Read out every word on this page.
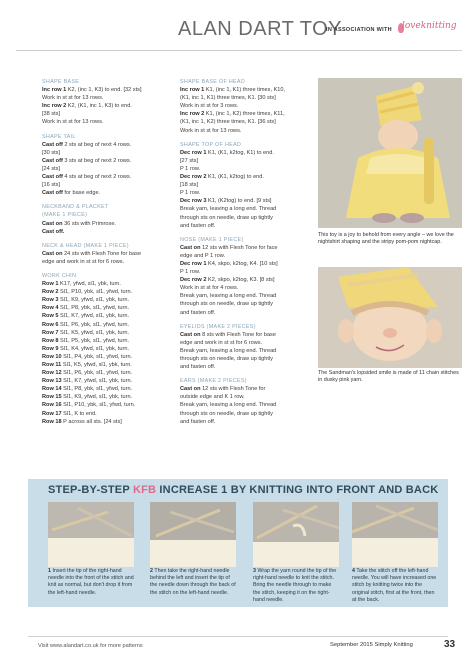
ALAN DART TOY
IN ASSOCIATION WITH loveknitting
SHAPE BASE
Inc row 1 K2, (inc 1, K3) to end. [32 sts]
Work in st st for 13 rows.
Inc row 2 K2, (K1, inc 1, K3) to end.
[38 sts]
Work in st st for 13 rows.
SHAPE TAIL
Cast off 2 sts at beg of next 4 rows.
[30 sts]
Cast off 3 sts at beg of next 2 rows.
[24 sts]
Cast off 4 sts at beg of next 2 rows.
[16 sts]
Cast off for base edge.
NECKBAND & PLACKET
(MAKE 1 PIECE)
Cast on 36 sts with Primrose.
Cast off.
NECK & HEAD (MAKE 1 PIECE)
Cast on 24 sts with Flesh Tone for base
edge and work in st st for 6 rows.
WORK CHIN
Row 1 K17, yfwd, sl1, ybk, turn.
Row 2 Sl1, P10, ybk, sl1, yfwd, turn.
Row 3 Sl1, K9, yfwd, sl1, ybk, turn.
Row 4 Sl1, P8, ybk, sl1, yfwd, turn.
Row 5 Sl1, K7, yfwd, sl1, ybk, turn.
Row 6 Sl1, P6, ybk, sl1, yfwd, turn.
Row 7 Sl1, K5, yfwd, sl1, ybk, turn.
Row 8 Sl1, P5, ybk, sl1, yfwd, turn.
Row 9 Sl1, K4, yfwd, sl1, ybk, turn.
Row 10 Sl1, P4, ybk, sl1, yfwd, turn.
Row 11 Sl1, K5, yfwd, sl1, ybk, turn.
Row 12 Sl1, P6, ybk, sl1, yfwd, turn.
Row 13 Sl1, K7, yfwd, sl1, ybk, turn.
Row 14 Sl1, P8, ybk, sl1, yfwd, turn.
Row 15 Sl1, K9, yfwd, sl1, ybk, turn.
Row 16 Sl1, P10, ybk, sl1, yfwd, turn.
Row 17 Sl1, K to end.
Row 18 P across all sts. [24 sts]
SHAPE BASE OF HEAD
Inc row 1 K1, (inc 1, K1) three times, K10,
(K1, inc 1, K1) three times, K1. [30 sts]
Work in st st for 3 rows.
Inc row 2 K1, (inc 1, K2) three times, K11,
(K1, inc 1, K2) three times, K1. [36 sts]
Work in st st for 13 rows.
SHAPE TOP OF HEAD
Dec row 1 K1, (K1, k2tog, K1) to end.
[27 sts]
P 1 row.
Dec row 2 K1, (K1, k2tog) to end.
[18 sts]
P 1 row.
Dec row 3 K1, (K2tog) to end. [9 sts]
Break yarn, leaving a long end. Thread
through sts on needle, draw up tightly
and fasten off.
NOSE (MAKE 1 PIECE)
Cast on 12 sts with Flesh Tone for face
edge and P 1 row.
Dec row 1 K4, skpo, k2tog, K4. [10 sts]
P 1 row.
Dec row 2 K2, skpo, k2tog, K3. [8 sts]
Work in st st for 4 rows.
Break yarn, leaving a long end. Thread
through sts on needle, draw up tightly
and fasten off.
EYELIDS (MAKE 2 PIECES)
Cast on 8 sts with Flesh Tone for base
edge and work in st st for 6 rows.
Break yarn, leaving a long end. Thread
through sts on needle, draw up tightly
and fasten off.
EARS (MAKE 2 PIECES)
Cast on 12 sts with Flesh Tone for
outside edge and K 1 row.
Break yarn, leaving a long end. Thread
through sts on needle, draw up tightly
and fasten off.
This toy is a joy to behold from every angle – we love the nightshirt shaping and the stripy pom-pom nightcap.
The Sandman's lopsided smile is made of 11 chain stitches in dusky pink yarn.
STEP-BY-STEP KFB INCREASE 1 BY KNITTING INTO FRONT AND BACK
1 Insert the tip of the right-hand needle into the front of the stitch and knit as normal, but don't drop it from the left-hand needle.
2 Then take the right-hand needle behind the left and insert the tip of the needle down through the back of the stitch on the left-hand needle.
3 Wrap the yarn round the tip of the right-hand needle to knit the stitch. Bring the needle through to make the stitch, keeping it on the right-hand needle.
4 Take the stitch off the left-hand needle. You will have increased one stitch by knitting twice into the original stitch, first at the front, then at the back.
Visit www.alandart.co.uk for more patterns	September 2015 Simply Knitting	33
